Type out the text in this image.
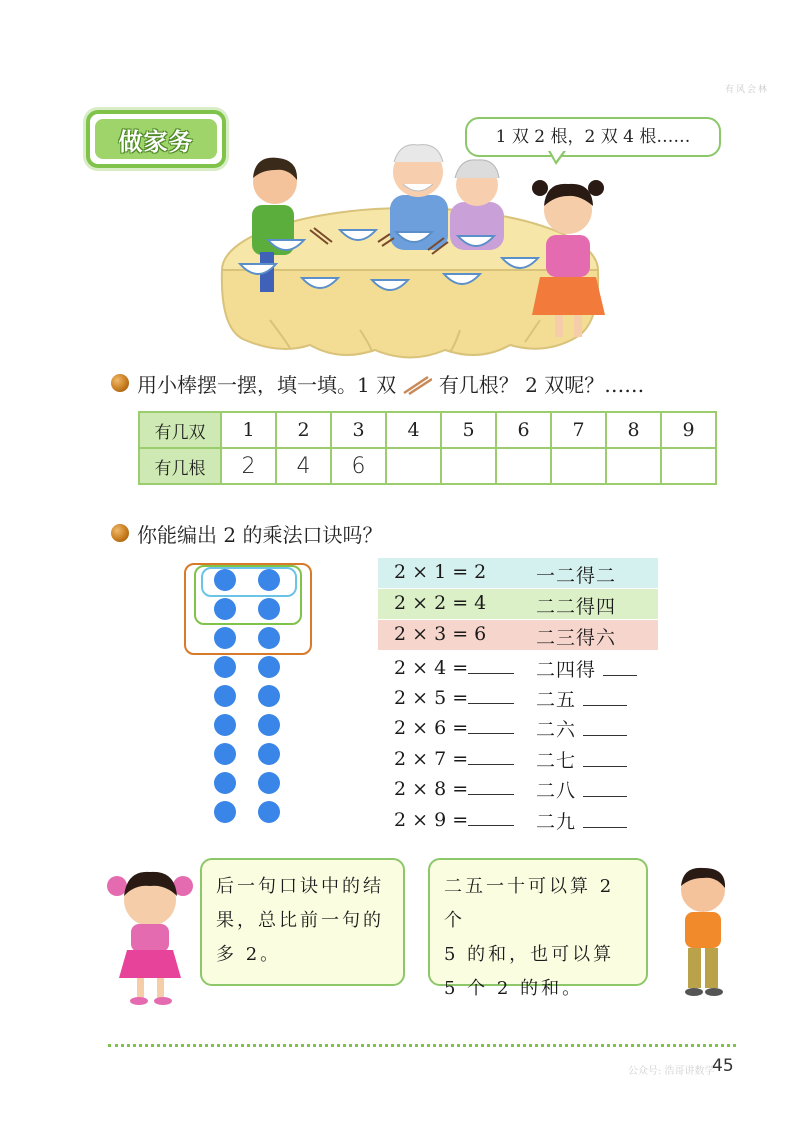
有风会林
做家务	1 双 2 根，2 双 4 根……
用小棒摆一摆，填一填。1 双 有几根？ 2 双呢？……
有几双	1	2	3	4	5	6	7	8	9
有几根	2	4	6						
你能编出 2 的乘法口诀吗？
2 × 1 = 2	一二得二
2 × 2 = 4	二二得四
2 × 3 = 6	二三得六
2 × 4 =	二四得
2 × 5 =	二五
2 × 6 =	二六
2 × 7 =	二七
2 × 8 =	二八
2 × 9 =	二九
后一句口诀中的结
果，总比前一句的
多 2。
二五一十可以算 2 个
5 的和，也可以算
5 个 2 的和。
公众号: 浩哥讲数学
45
